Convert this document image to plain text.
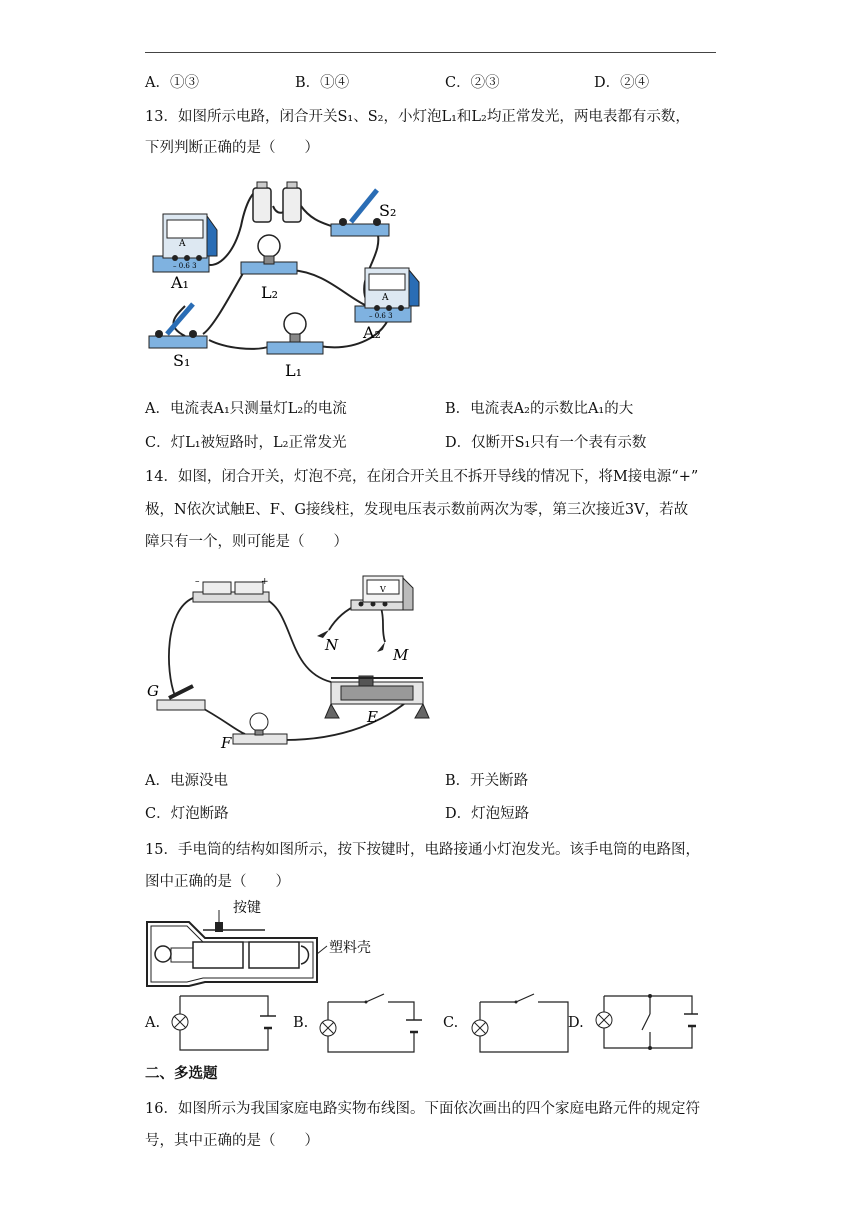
A．①③	B．①④	C．②③	D．②④
13．如图所示电路，闭合开关S₁、S₂，小灯泡L₁和L₂均正常发光，两电表都有示数，
下列判断正确的是（　　）
A
– 0.6 3
A
– 0.6 3
A₁
L₂
A₂
S₁
L₁
S₂
A．电流表A₁只测量灯L₂的电流	B．电流表A₂的示数比A₁的大
C．灯L₁被短路时，L₂正常发光	D．仅断开S₁只有一个表有示数
14．如图，闭合开关，灯泡不亮，在闭合开关且不拆开导线的情况下，将M接电源“+”
极，N依次试触E、F、G接线柱，发现电压表示数前两次为零，第三次接近3V，若故
障只有一个，则可能是（　　）
–	+
V
N
M
E
G
F
A．电源没电	B．开关断路
C．灯泡断路	D．灯泡短路
15．手电筒的结构如图所示，按下按键时，电路接通小灯泡发光。该手电筒的电路图，
图中正确的是（　　）
按键
塑料壳
A.	B.	C.	D.
二、多选题
16．如图所示为我国家庭电路实物布线图。下面依次画出的四个家庭电路元件的规定符
号，其中正确的是（　　）
